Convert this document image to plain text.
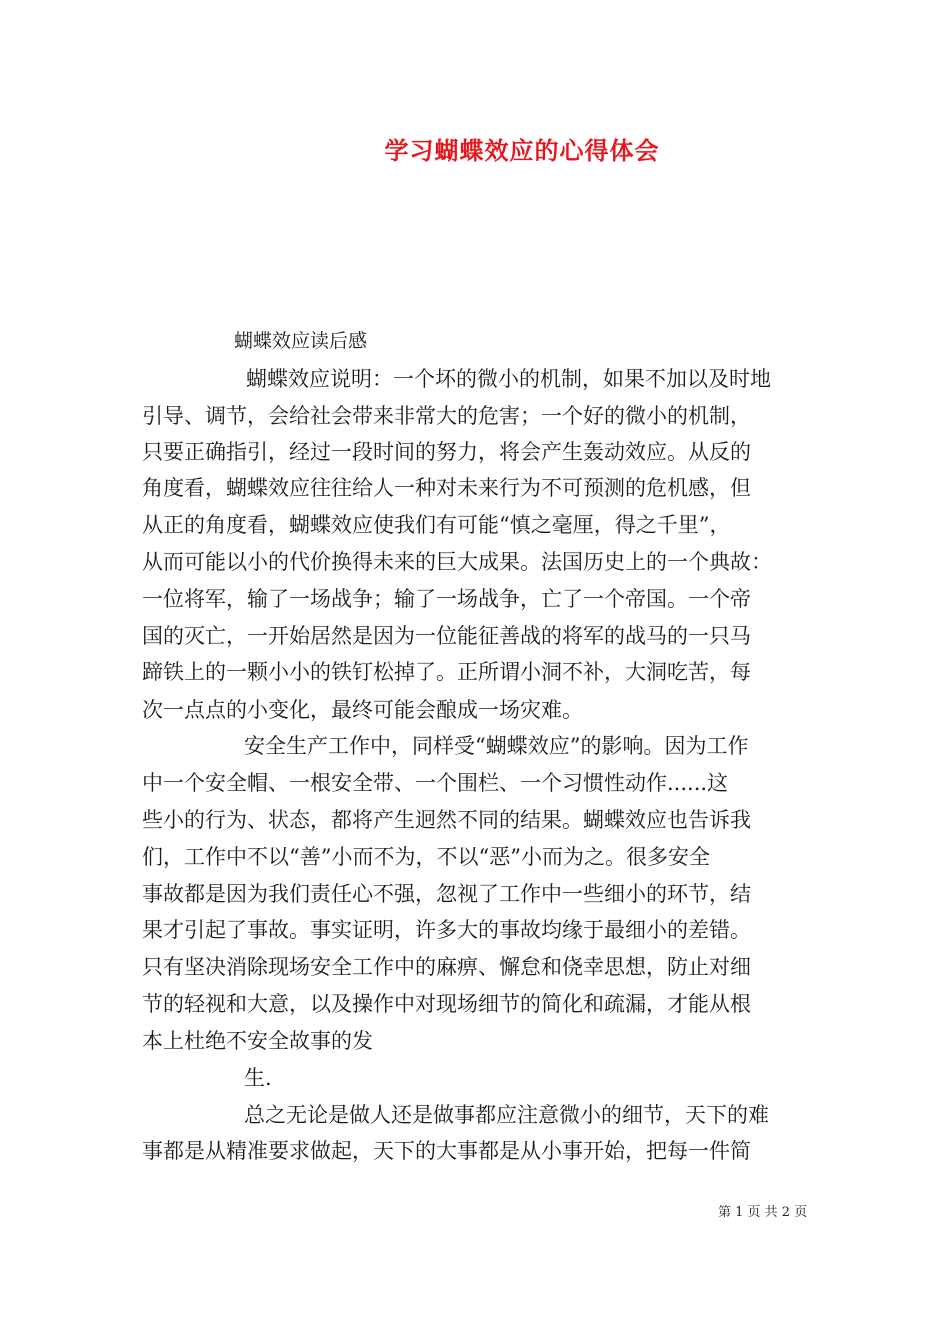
学习蝴蝶效应的心得体会
蝴蝶效应读后感
蝴蝶效应说明：一个坏的微小的机制，如果不加以及时地
引导、调节，会给社会带来非常大的危害；一个好的微小的机制，
只要正确指引，经过一段时间的努力，将会产生轰动效应。从反的
角度看，蝴蝶效应往往给人一种对未来行为不可预测的危机感，但
从正的角度看，蝴蝶效应使我们有可能“慎之毫厘，得之千里”，
从而可能以小的代价换得未来的巨大成果。法国历史上的一个典故：
一位将军，输了一场战争；输了一场战争，亡了一个帝国。一个帝
国的灭亡，一开始居然是因为一位能征善战的将军的战马的一只马
蹄铁上的一颗小小的铁钉松掉了。正所谓小洞不补，大洞吃苦，每
次一点点的小变化，最终可能会酿成一场灾难。
安全生产工作中，同样受“蝴蝶效应”的影响。因为工作
中一个安全帽、一根安全带、一个围栏、一个习惯性动作......这
些小的行为、状态，都将产生迥然不同的结果。蝴蝶效应也告诉我
们，工作中不以“善”小而不为，不以“恶”小而为之。很多安全
事故都是因为我们责任心不强，忽视了工作中一些细小的环节，结
果才引起了事故。事实证明，许多大的事故均缘于最细小的差错。
只有坚决消除现场安全工作中的麻痹、懈怠和侥幸思想，防止对细
节的轻视和大意，以及操作中对现场细节的简化和疏漏，才能从根
本上杜绝不安全故事的发
生.
总之无论是做人还是做事都应注意微小的细节，天下的难
事都是从精准要求做起，天下的大事都是从小事开始，把每一件简
第 1 页 共 2 页
